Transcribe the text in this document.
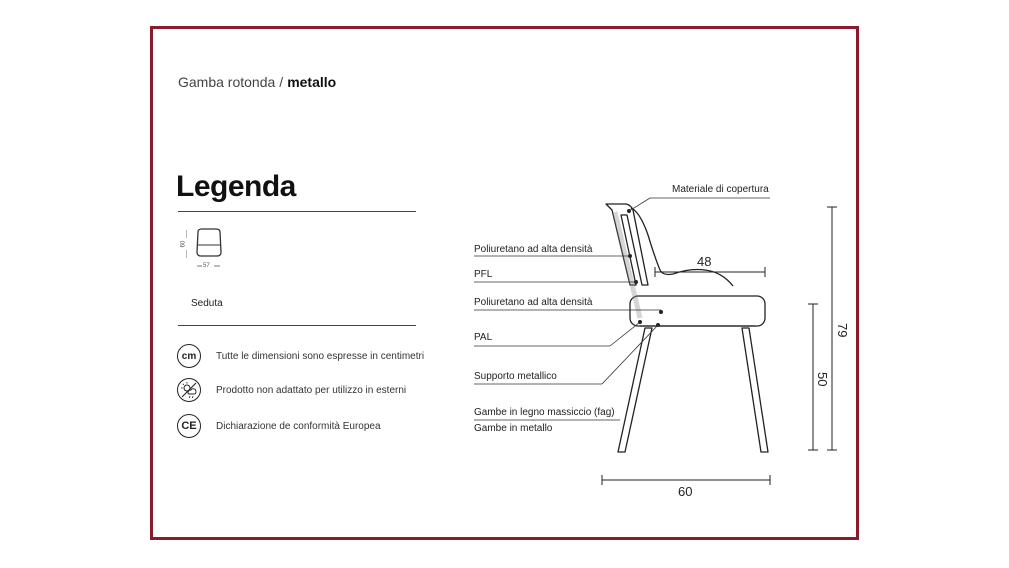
Gamba rotonda / metallo
Legenda
60
57
Seduta
cm	Tutte le dimensioni sono espresse in centimetri
Prodotto non adattato per utilizzo in esterni
CE	Dichiarazione de conformità Europea
48
79
50
60
Materiale di copertura
Poliuretano ad alta densità
PFL
Poliuretano ad alta densità
PAL
Supporto metallico
Gambe in legno massiccio (fag)
Gambe in metallo
